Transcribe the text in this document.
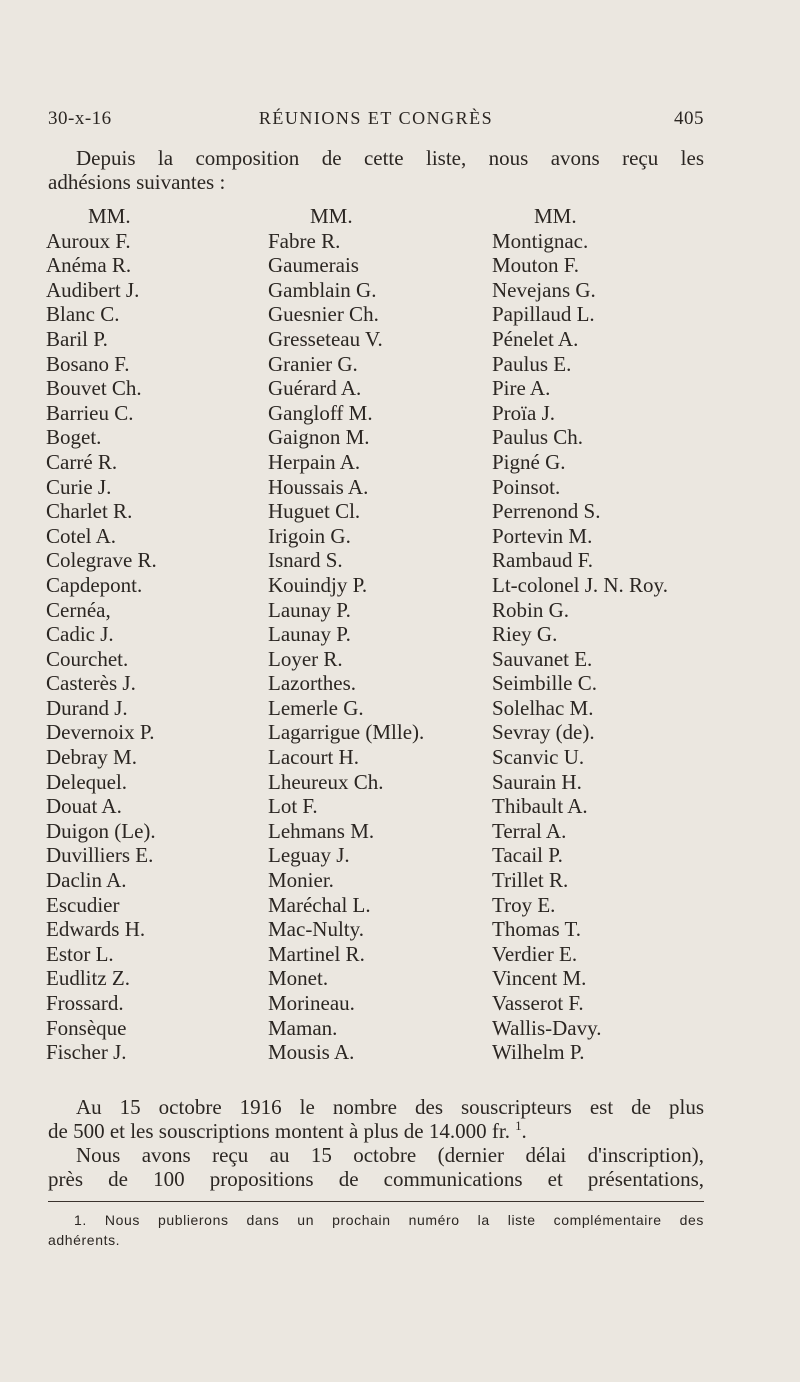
30-x-16	RÉUNIONS ET CONGRÈS	405
Depuis la composition de cette liste, nous avons reçu les
adhésions suivantes :
MM.
Auroux F.
Anéma R.
Audibert J.
Blanc C.
Baril P.
Bosano F.
Bouvet Ch.
Barrieu C.
Boget.
Carré R.
Curie J.
Charlet R.
Cotel A.
Colegrave R.
Capdepont.
Cernéa,
Cadic J.
Courchet.
Casterès J.
Durand J.
Devernoix P.
Debray M.
Delequel.
Douat A.
Duigon (Le).
Duvilliers E.
Daclin A.
Escudier
Edwards H.
Estor L.
Eudlitz Z.
Frossard.
Fonsèque
Fischer J.
MM.
Fabre R.
Gaumerais
Gamblain G.
Guesnier Ch.
Gresseteau V.
Granier G.
Guérard A.
Gangloff M.
Gaignon M.
Herpain A.
Houssais A.
Huguet Cl.
Irigoin G.
Isnard S.
Kouindjy P.
Launay P.
Launay P.
Loyer R.
Lazorthes.
Lemerle G.
Lagarrigue (Mlle).
Lacourt H.
Lheureux Ch.
Lot F.
Lehmans M.
Leguay J.
Monier.
Maréchal L.
Mac-Nulty.
Martinel R.
Monet.
Morineau.
Maman.
Mousis A.
MM.
Montignac.
Mouton F.
Nevejans G.
Papillaud L.
Pénelet A.
Paulus E.
Pire A.
Proïa J.
Paulus Ch.
Pigné G.
Poinsot.
Perrenond S.
Portevin M.
Rambaud F.
Lt-colonel J. N. Roy.
Robin G.
Riey G.
Sauvanet E.
Seimbille C.
Solelhac M.
Sevray (de).
Scanvic U.
Saurain H.
Thibault A.
Terral A.
Tacail P.
Trillet R.
Troy E.
Thomas T.
Verdier E.
Vincent M.
Vasserot F.
Wallis-Davy.
Wilhelm P.
Au 15 octobre 1916 le nombre des souscripteurs est de plus
de 500 et les souscriptions montent à plus de 14.000 fr. $^1$.
Nous avons reçu au 15 octobre (dernier délai d'inscription),
près de 100 propositions de communications et présentations,
1. Nous publierons dans un prochain numéro la liste complémentaire des
adhérents.
